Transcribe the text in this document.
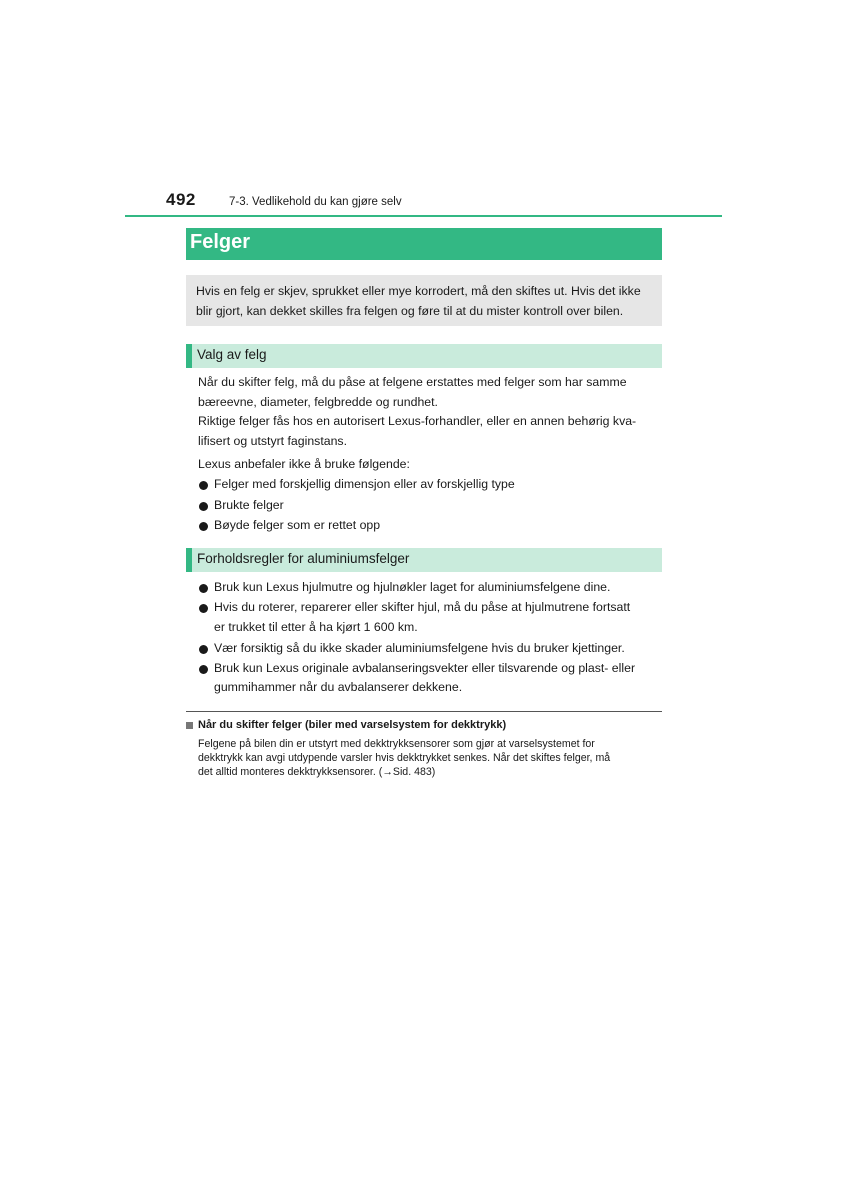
492	7-3. Vedlikehold du kan gjøre selv
Felger
Hvis en felg er skjev, sprukket eller mye korrodert, må den skiftes ut. Hvis det ikke
blir gjort, kan dekket skilles fra felgen og føre til at du mister kontroll over bilen.
Valg av felg
Når du skifter felg, må du påse at felgene erstattes med felger som har samme
bæreevne, diameter, felgbredde og rundhet.
Riktige felger fås hos en autorisert Lexus-forhandler, eller en annen behørig kva-
lifisert og utstyrt faginstans.
Lexus anbefaler ikke å bruke følgende:
Felger med forskjellig dimensjon eller av forskjellig type
Brukte felger
Bøyde felger som er rettet opp
Forholdsregler for aluminiumsfelger
Bruk kun Lexus hjulmutre og hjulnøkler laget for aluminiumsfelgene dine.
Hvis du roterer, reparerer eller skifter hjul, må du påse at hjulmutrene fortsatt
er trukket til etter å ha kjørt 1 600 km.
Vær forsiktig så du ikke skader aluminiumsfelgene hvis du bruker kjettinger.
Bruk kun Lexus originale avbalanseringsvekter eller tilsvarende og plast- eller
gummihammer når du avbalanserer dekkene.
Når du skifter felger (biler med varselsystem for dekktrykk)
Felgene på bilen din er utstyrt med dekktrykksensorer som gjør at varselsystemet for
dekktrykk kan avgi utdypende varsler hvis dekktrykket senkes. Når det skiftes felger, må
det alltid monteres dekktrykksensorer. (→Sid. 483)
